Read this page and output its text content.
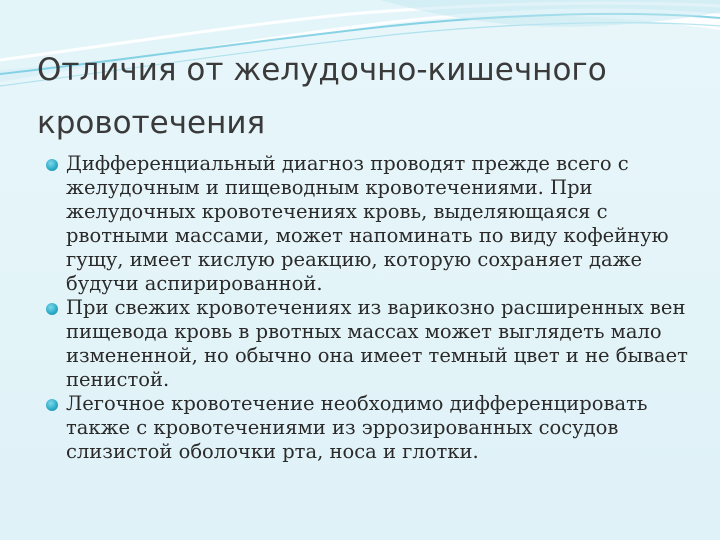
Отличия от желудочно-кишечного кровотечения
Дифференциальный диагноз проводят прежде всего с желудочным и пищеводным кровотечениями. При желудочных кровотечениях кровь, выделяющаяся с рвотными массами, может напоминать по виду кофейную гущу, имеет кислую реакцию, которую сохраняет даже будучи аспирированной.
При свежих кровотечениях из варикозно расширенных вен пищевода кровь в рвотных массах может выглядеть мало измененной, но обычно она имеет темный цвет и не бывает пенистой.
Легочное кровотечение необходимо дифференцировать также с кровотечениями из эррозированных сосудов слизистой оболочки рта, носа и глотки.
